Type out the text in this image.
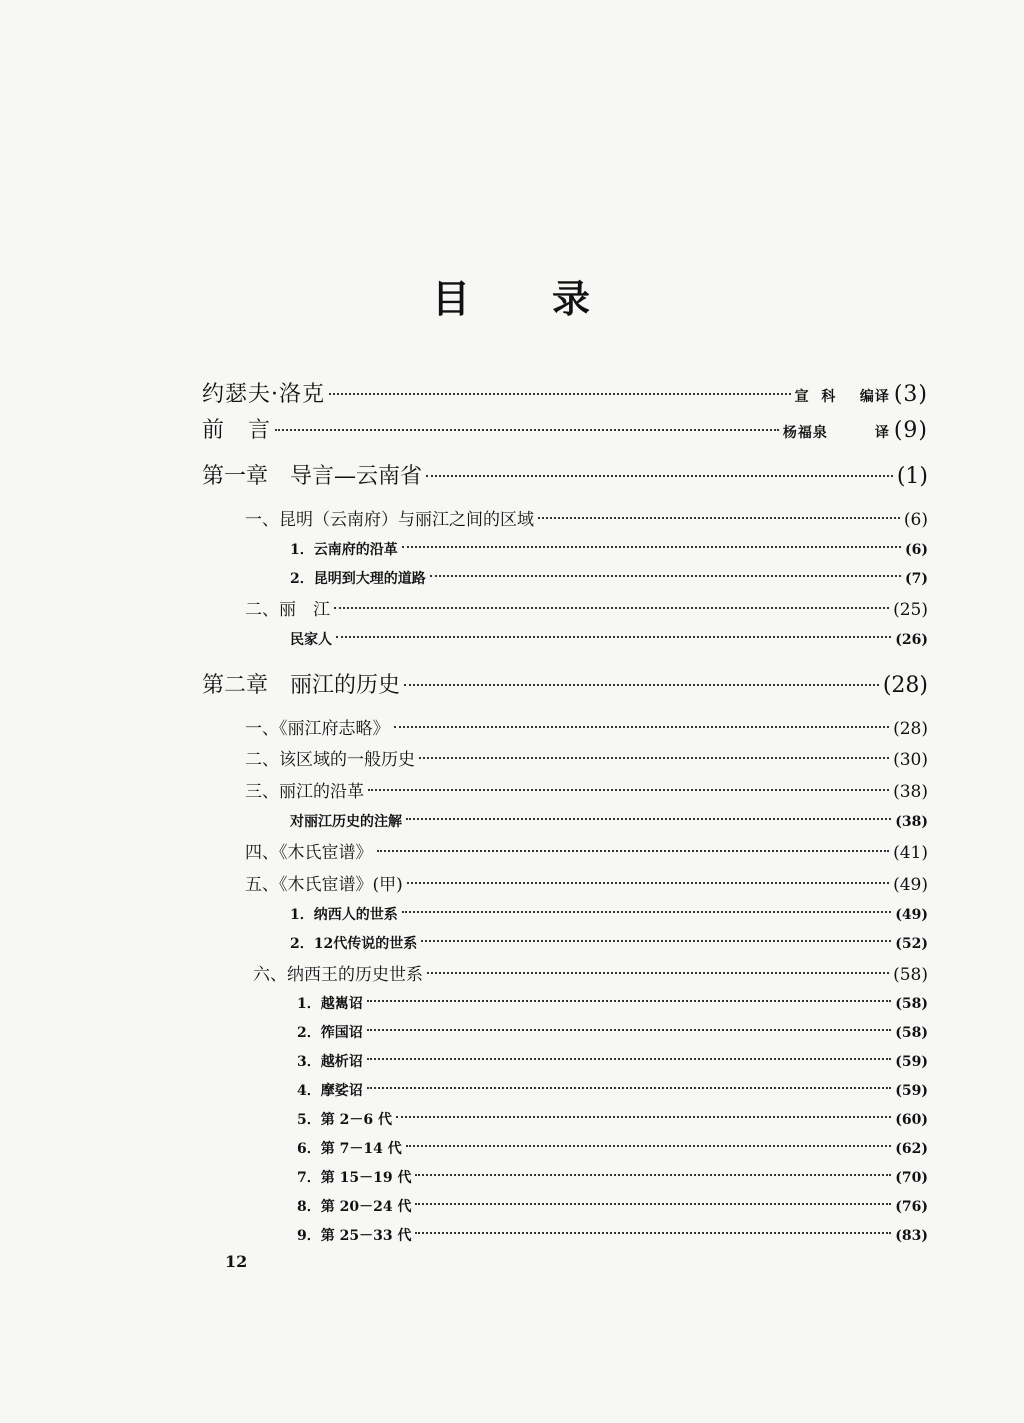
目 录
约瑟夫·洛克	宣  科    编译 (3)
前　言	杨福泉        译 (9)
第一章　导言—云南省	(1)
一、昆明（云南府）与丽江之间的区域	(6)
1．云南府的沿革	(6)
2．昆明到大理的道路	(7)
二、丽　江	(25)
民家人	(26)
第二章　丽江的历史	(28)
一、《丽江府志略》	(28)
二、该区域的一般历史	(30)
三、丽江的沿革	(38)
对丽江历史的注解	(38)
四、《木氏宦谱》	(41)
五、《木氏宦谱》(甲)	(49)
1．纳西人的世系	(49)
2．12代传说的世系	(52)
六、纳西王的历史世系	(58)
1．越嶲诏	(58)
2．筰国诏	(58)
3．越析诏	(59)
4．摩娑诏	(59)
5．第 2－6 代	(60)
6．第 7－14 代	(62)
7．第 15－19 代	(70)
8．第 20－24 代	(76)
9．第 25－33 代	(83)
12
